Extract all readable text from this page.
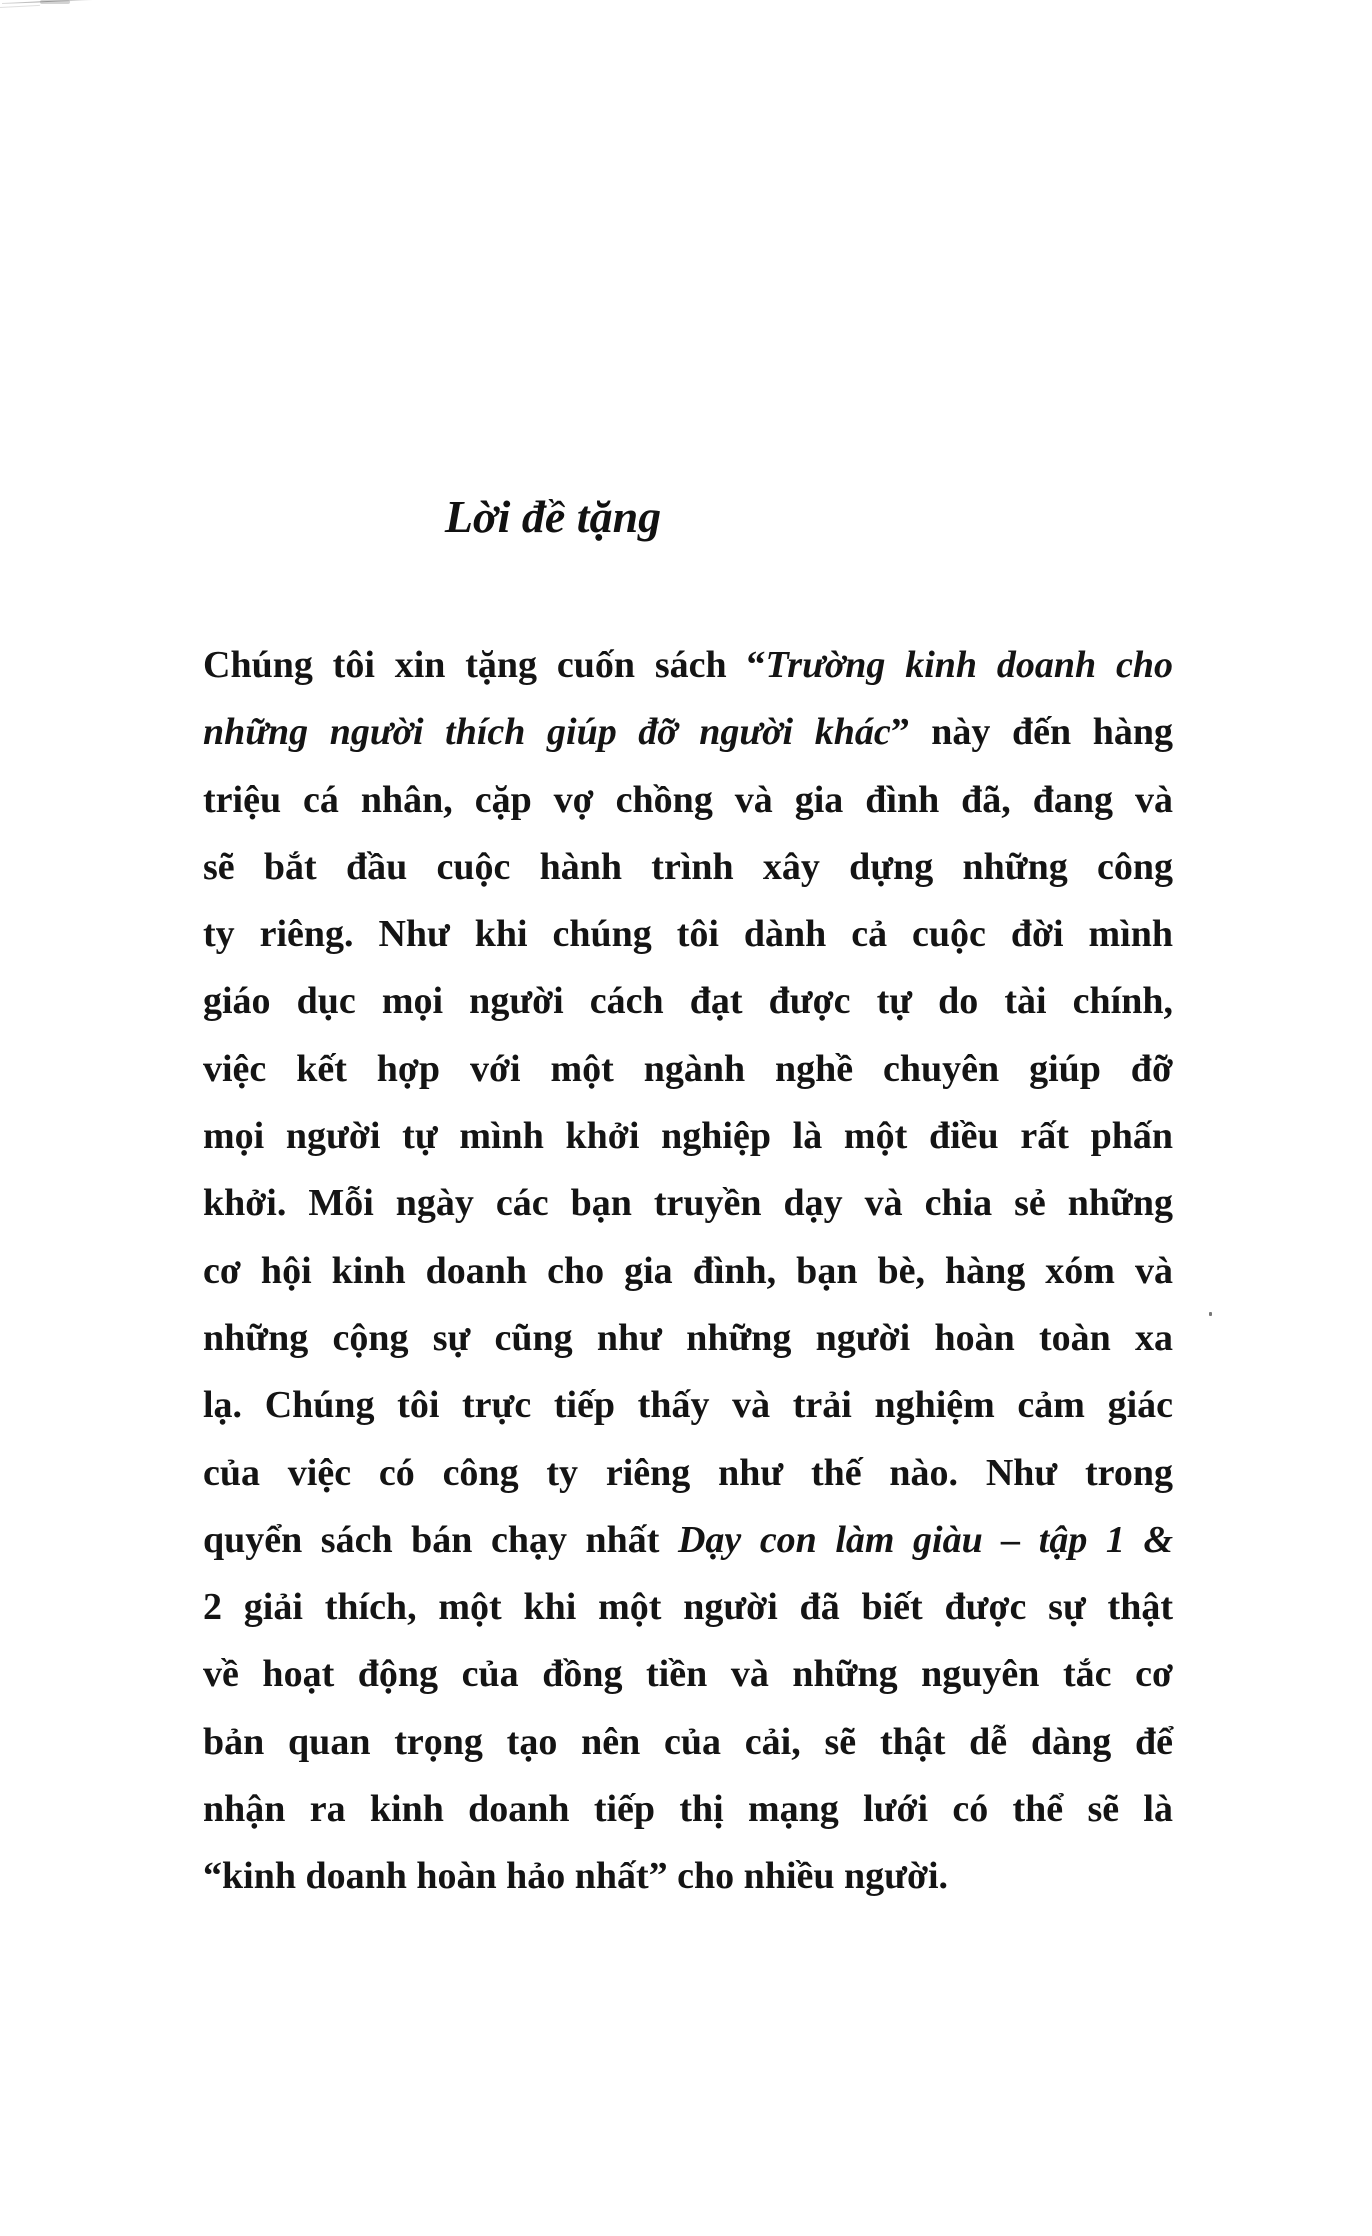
Lời đề tặng
Chúng tôi xin tặng cuốn sách “Trường kinh doanh cho
những người thích giúp đỡ người khác” này đến hàng
triệu cá nhân, cặp vợ chồng và gia đình đã, đang và
sẽ bắt đầu cuộc hành trình xây dựng những công
ty riêng. Như khi chúng tôi dành cả cuộc đời mình
giáo dục mọi người cách đạt được tự do tài chính,
việc kết hợp với một ngành nghề chuyên giúp đỡ
mọi người tự mình khởi nghiệp là một điều rất phấn
khởi. Mỗi ngày các bạn truyền dạy và chia sẻ những
cơ hội kinh doanh cho gia đình, bạn bè, hàng xóm và
những cộng sự cũng như những người hoàn toàn xa
lạ. Chúng tôi trực tiếp thấy và trải nghiệm cảm giác
của việc có công ty riêng như thế nào. Như trong
quyển sách bán chạy nhất Dạy con làm giàu – tập 1 &
2 giải thích, một khi một người đã biết được sự thật
về hoạt động của đồng tiền và những nguyên tắc cơ
bản quan trọng tạo nên của cải, sẽ thật dễ dàng để
nhận ra kinh doanh tiếp thị mạng lưới có thể sẽ là
“kinh doanh hoàn hảo nhất” cho nhiều người.
